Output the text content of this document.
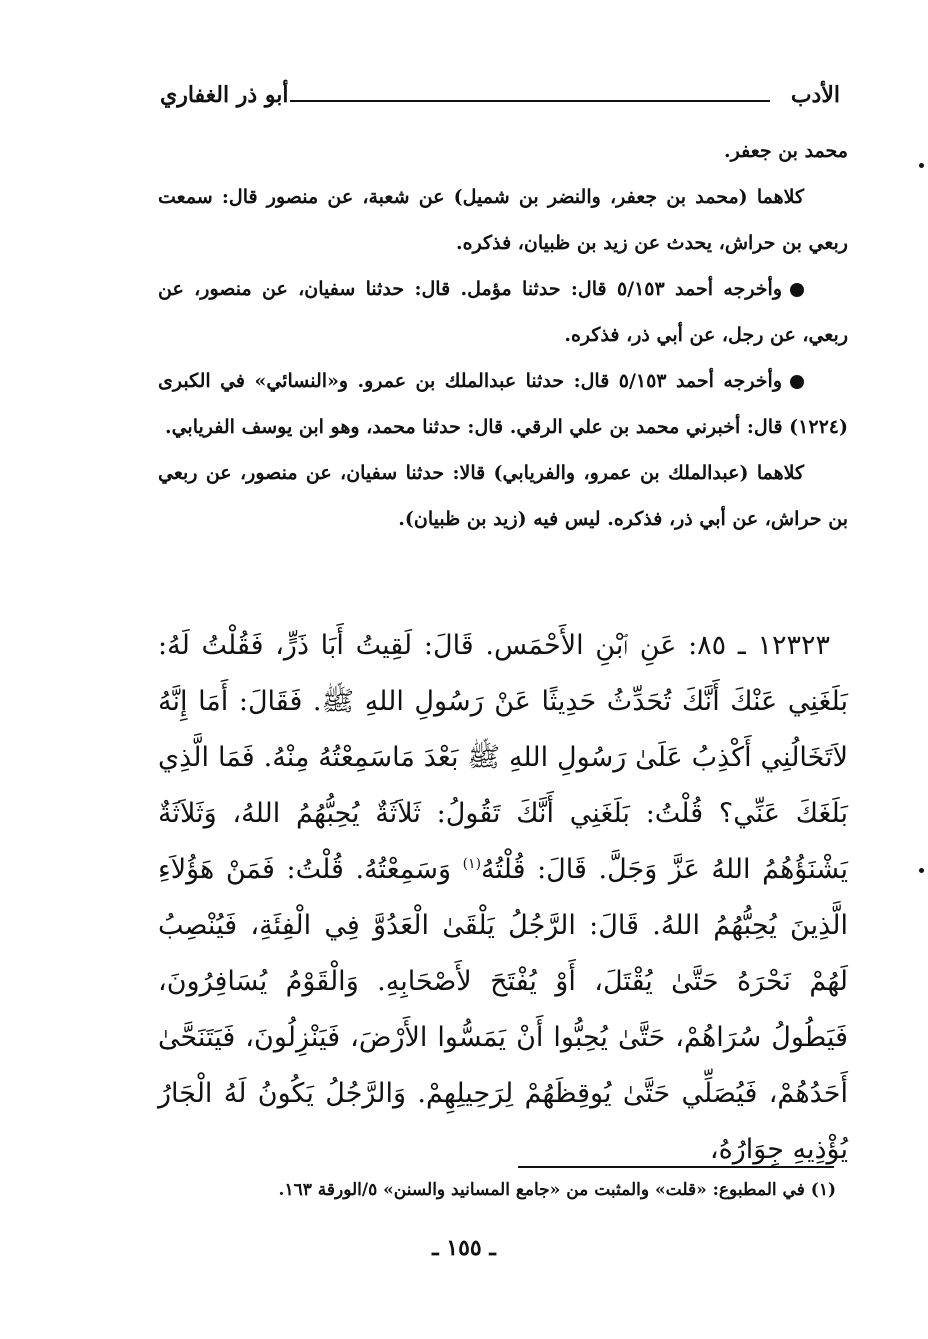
الأدب
أبو ذر الغفاري

محمد بن جعفر.

كلاهما (محمد بن جعفر، والنضر بن شميل) عن شعبة، عن منصور قال: سمعت ربعي بن حراش، يحدث عن زيد بن ظبيان، فذكره.

وأخرجه أحمد ٥/١٥٣ قال: حدثنا مؤمل. قال: حدثنا سفيان، عن منصور، عن ربعي، عن رجل، عن أبي ذر، فذكره.

وأخرجه أحمد ٥/١٥٣ قال: حدثنا عبدالملك بن عمرو. و«النسائي» في الكبرى (١٢٢٤) قال: أخبرني محمد بن علي الرقي. قال: حدثنا محمد، وهو ابن يوسف الفريابي.

كلاهما (عبدالملك بن عمرو، والفريابي) قالا: حدثنا سفيان، عن منصور، عن ربعي بن حراش، عن أبي ذر، فذكره. ليس فيه (زيد بن ظبيان).

١٢٣٢٣ ـ ٨٥: عَنِ ٱبْنِ الأَحْمَس. قَالَ: لَقِيتُ أَبَا ذَرٍّ، فَقُلْتُ لَهُ: بَلَغَنِي عَنْكَ أَنَّكَ تُحَدِّثُ حَدِيثًا عَنْ رَسُولِ اللهِ ﷺ. فَقَالَ: أَمَا إِنَّهُ لاَتَخَالُنِي أَكْذِبُ عَلَىٰ رَسُولِ اللهِ ﷺ بَعْدَ مَاسَمِعْتُهُ مِنْهُ. فَمَا الَّذِي بَلَغَكَ عَنِّي؟ قُلْتُ: بَلَغَنِي أَنَّكَ تَقُولُ: ثَلاَثَةٌ يُحِبُّهُمُ اللهُ، وَثَلاَثَةٌ يَشْنَؤُهُمُ اللهُ عَزَّ وَجَلَّ. قَالَ: قُلْتُهُ$^{(١)}$ وَسَمِعْتُهُ. قُلْتُ: فَمَنْ هَؤُلاَءِ الَّذِينَ يُحِبُّهُمُ اللهُ. قَالَ: الرَّجُلُ يَلْقَىٰ الْعَدُوَّ فِي الْفِئَةِ، فَيُنْصِبُ لَهُمْ نَحْرَهُ حَتَّىٰ يُقْتَلَ، أَوْ يُفْتَحَ لأَصْحَابِهِ. وَالْقَوْمُ يُسَافِرُونَ، فَيَطُولُ سُرَاهُمْ، حَتَّىٰ يُحِبُّوا أَنْ يَمَسُّوا الأَرْضَ، فَيَنْزِلُونَ، فَيَتَنَحَّىٰ أَحَدُهُمْ، فَيُصَلِّي حَتَّىٰ يُوقِظَهُمْ لِرَحِيلِهِمْ. وَالرَّجُلُ يَكُونُ لَهُ الْجَارُ يُؤْذِيهِ جِوَارُهُ،

(١) في المطبوع: «قلت» والمثبت من «جامع المسانيد والسنن» ٥/الورقة ١٦٣.
ـ ١٥٥ ـ
